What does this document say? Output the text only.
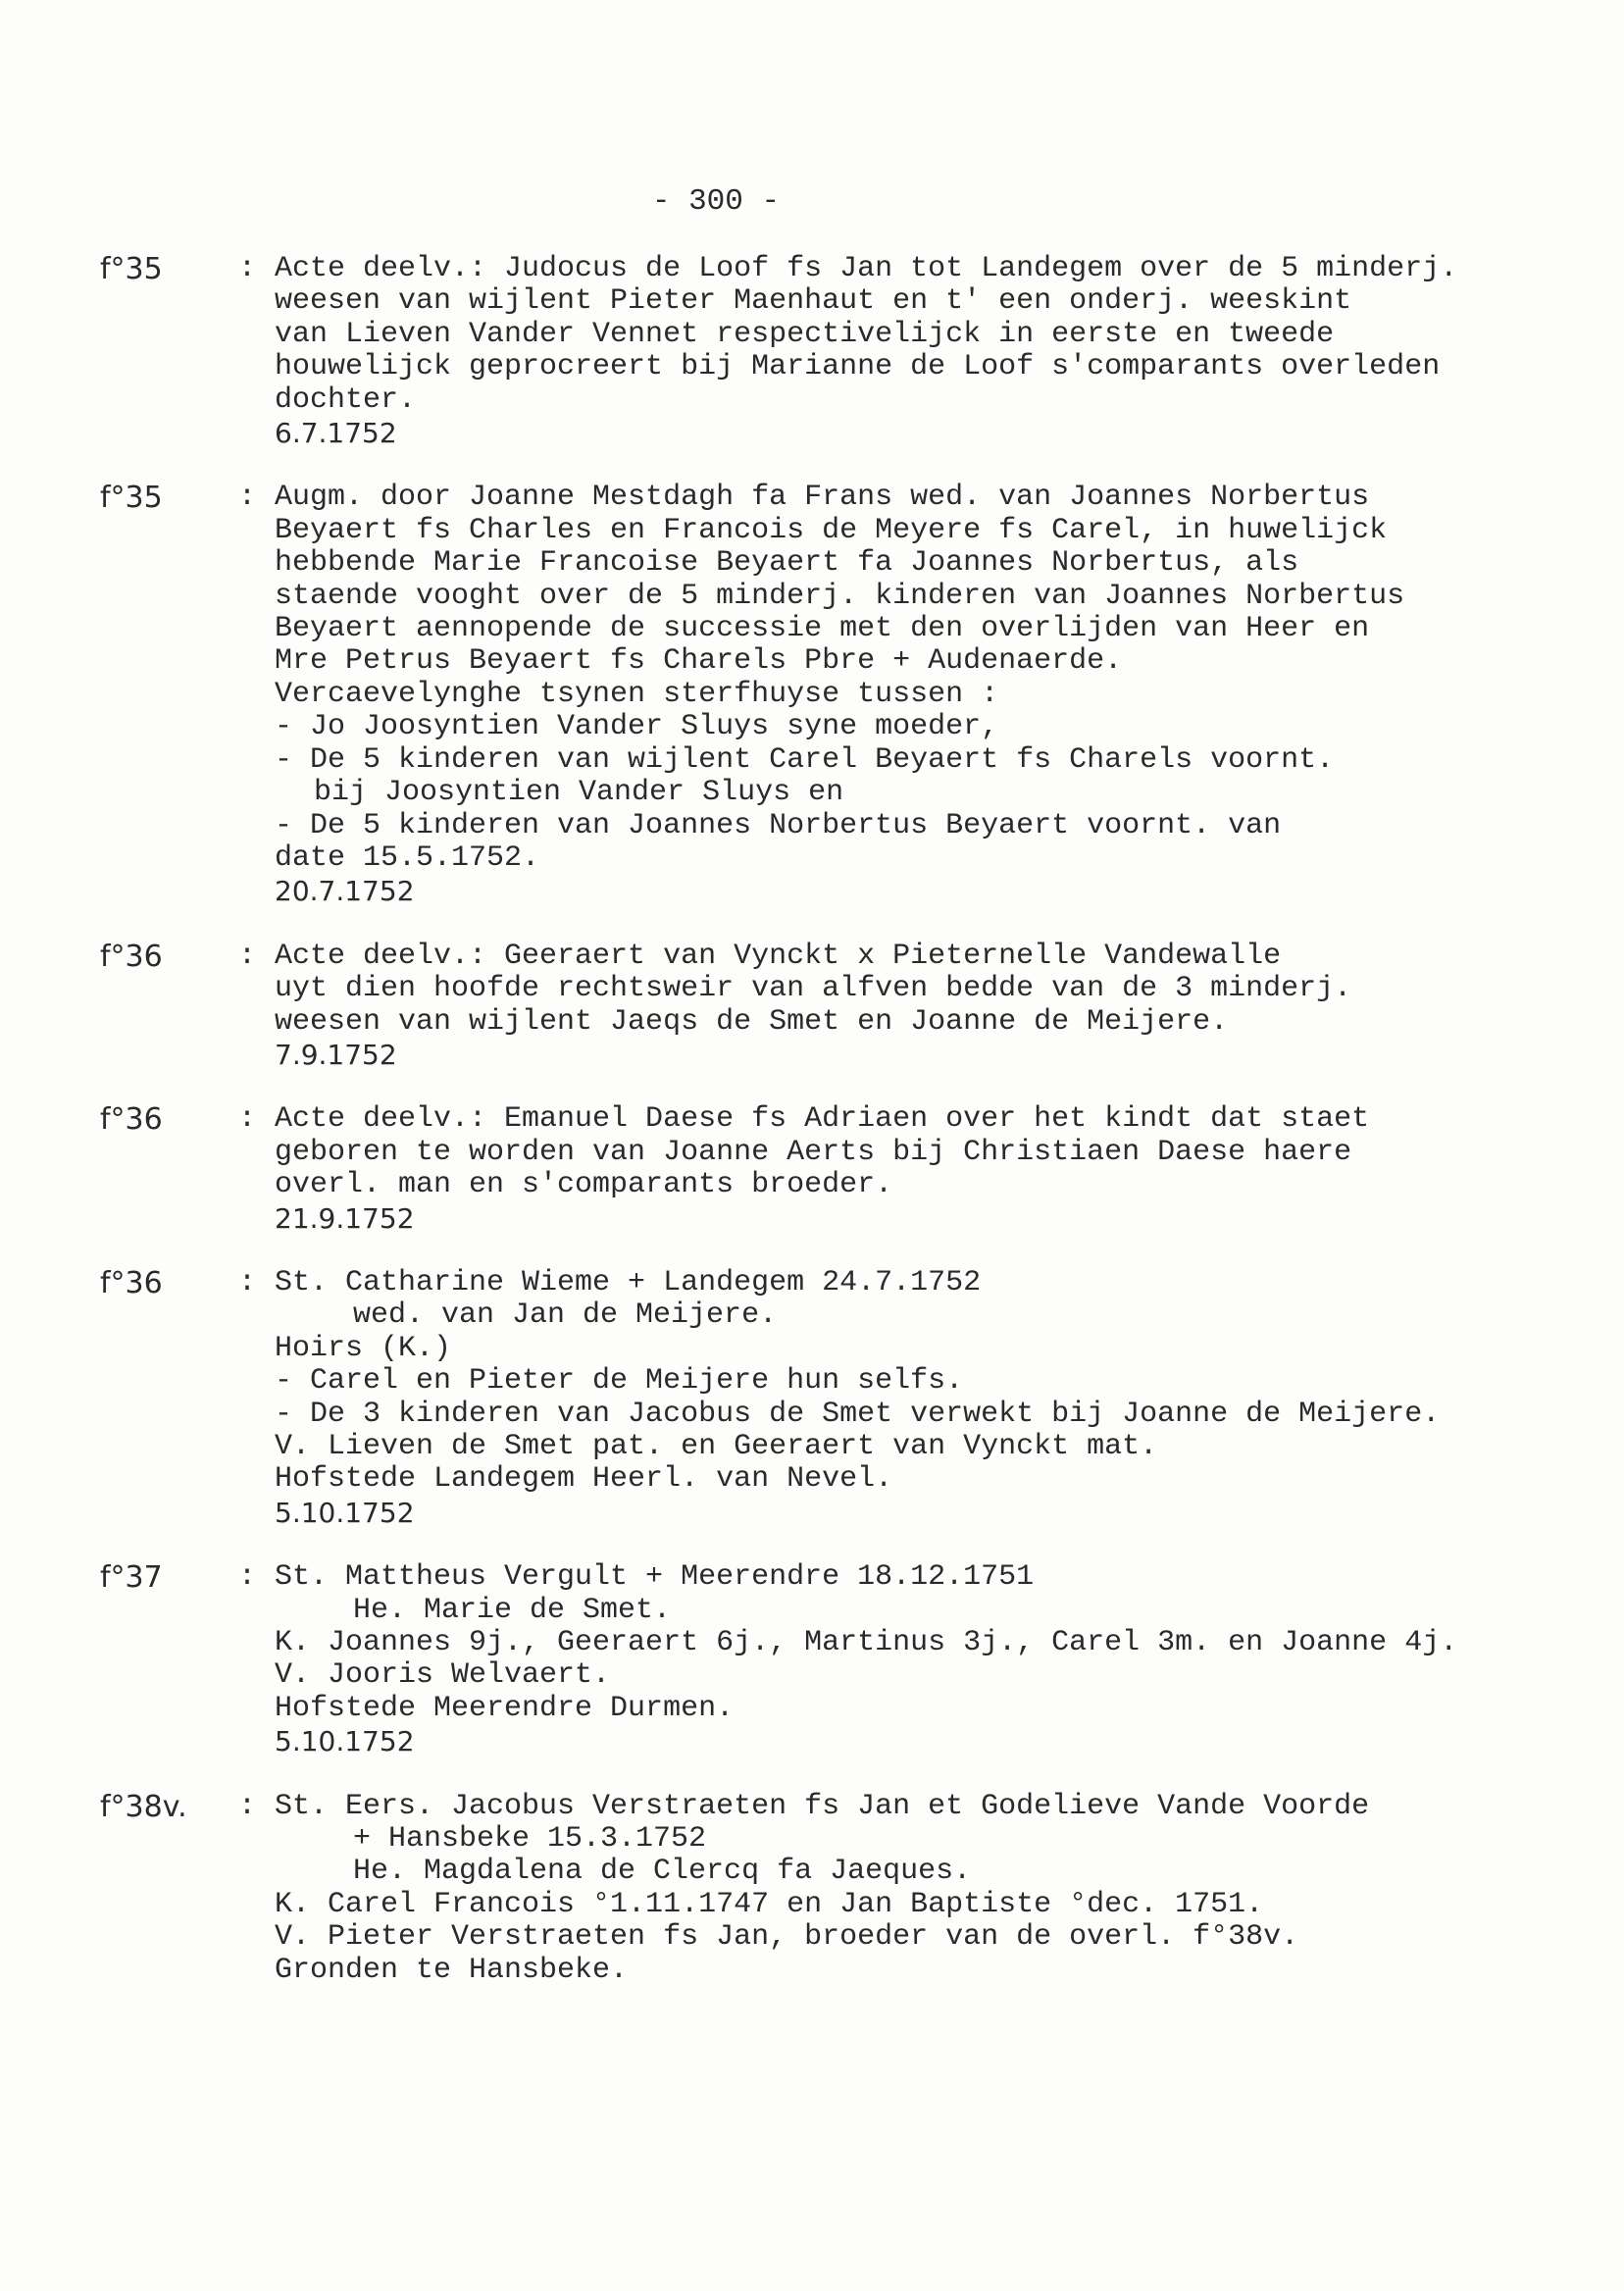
- 300 -
f°35	: Acte deelv.: Judocus de Loof fs Jan tot Landegem over de 5 minderj.
weesen van wijlent Pieter Maenhaut en t' een onderj. weeskint
van Lieven Vander Vennet respectivelijck in eerste en tweede
houwelijck geprocreert bij Marianne de Loof s'comparants overleden
dochter.
6.7.1752
f°35	: Augm. door Joanne Mestdagh fa Frans wed. van Joannes Norbertus
Beyaert fs Charles en Francois de Meyere fs Carel, in huwelijck
hebbende Marie Francoise Beyaert fa Joannes Norbertus, als
staende vooght over de 5 minderj. kinderen van Joannes Norbertus
Beyaert aennopende de successie met den overlijden van Heer en
Mre Petrus Beyaert fs Charels Pbre + Audenaerde.
Vercaevelynghe tsynen sterfhuyse tussen :
- Jo Joosyntien Vander Sluys syne moeder,
- De 5 kinderen van wijlent Carel Beyaert fs Charels voornt.
bij Joosyntien Vander Sluys en
- De 5 kinderen van Joannes Norbertus Beyaert voornt. van
date 15.5.1752.
20.7.1752
f°36	: Acte deelv.: Geeraert van Vynckt x Pieternelle Vandewalle
uyt dien hoofde rechtsweir van alfven bedde van de 3 minderj.
weesen van wijlent Jaeqs de Smet en Joanne de Meijere.
7.9.1752
f°36	: Acte deelv.: Emanuel Daese fs Adriaen over het kindt dat staet
geboren te worden van Joanne Aerts bij Christiaen Daese haere
overl. man en s'comparants broeder.
21.9.1752
f°36	: St. Catharine Wieme + Landegem 24.7.1752
wed. van Jan de Meijere.
Hoirs (K.)
- Carel en Pieter de Meijere hun selfs.
- De 3 kinderen van Jacobus de Smet verwekt bij Joanne de Meijere.
V. Lieven de Smet pat. en Geeraert van Vynckt mat.
Hofstede Landegem Heerl. van Nevel.
5.10.1752
f°37	: St. Mattheus Vergult + Meerendre 18.12.1751
He. Marie de Smet.
K. Joannes 9j., Geeraert 6j., Martinus 3j., Carel 3m. en Joanne 4j.
V. Jooris Welvaert.
Hofstede Meerendre Durmen.
5.10.1752
f°38v. : St. Eers. Jacobus Verstraeten fs Jan et Godelieve Vande Voorde
+ Hansbeke 15.3.1752
He. Magdalena de Clercq fa Jaeques.
K. Carel Francois °1.11.1747 en Jan Baptiste °dec. 1751.
V. Pieter Verstraeten fs Jan, broeder van de overl. f°38v.
Gronden te Hansbeke.
